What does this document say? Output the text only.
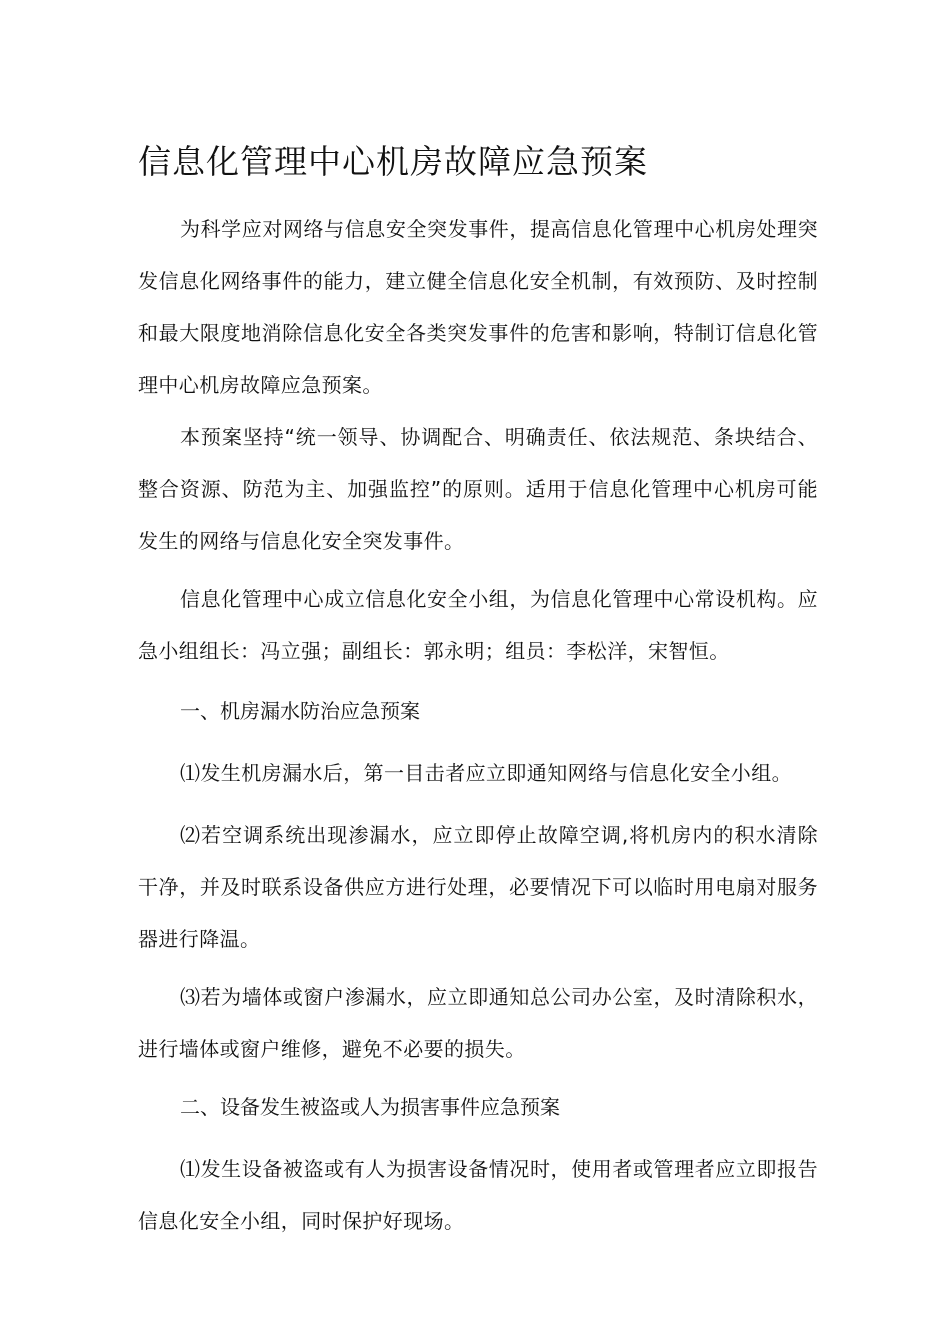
信息化管理中心机房故障应急预案

为科学应对网络与信息安全突发事件，提高信息化管理中心机房处理突发信息化网络事件的能力，建立健全信息化安全机制，有效预防、及时控制和最大限度地消除信息化安全各类突发事件的危害和影响，特制订信息化管理中心机房故障应急预案。

本预案坚持“统一领导、协调配合、明确责任、依法规范、条块结合、整合资源、防范为主、加强监控”的原则。适用于信息化管理中心机房可能发生的网络与信息化安全突发事件。

信息化管理中心成立信息化安全小组，为信息化管理中心常设机构。应急小组组长：冯立强；副组长：郭永明；组员：李松洋，宋智恒。

一、机房漏水防治应急预案

⑴发生机房漏水后，第一目击者应立即通知网络与信息化安全小组。

⑵若空调系统出现渗漏水，应立即停止故障空调,将机房内的积水清除干净，并及时联系设备供应方进行处理，必要情况下可以临时用电扇对服务器进行降温。

⑶若为墙体或窗户渗漏水，应立即通知总公司办公室，及时清除积水，进行墙体或窗户维修，避免不必要的损失。

二、设备发生被盗或人为损害事件应急预案

⑴发生设备被盗或有人为损害设备情况时，使用者或管理者应立即报告信息化安全小组，同时保护好现场。
